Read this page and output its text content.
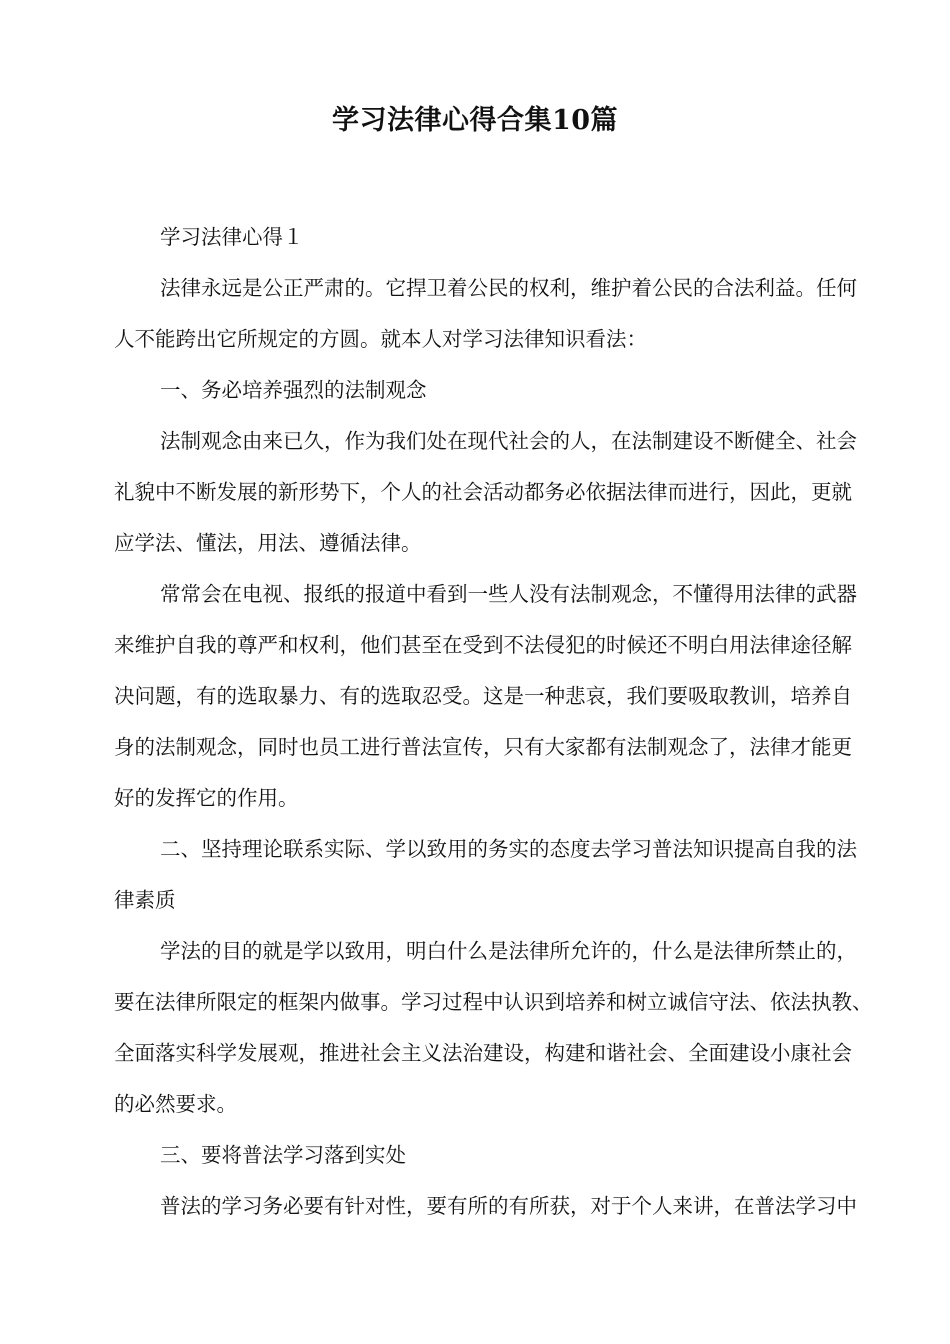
学习法律心得合集10篇
学习法律心得１
法律永远是公正严肃的。它捍卫着公民的权利，维护着公民的合法利益。任何
人不能跨出它所规定的方圆。就本人对学习法律知识看法：
一、务必培养强烈的法制观念
法制观念由来已久，作为我们处在现代社会的人，在法制建设不断健全、社会
礼貌中不断发展的新形势下，个人的社会活动都务必依据法律而进行，因此，更就
应学法、懂法，用法、遵循法律。
常常会在电视、报纸的报道中看到一些人没有法制观念，不懂得用法律的武器
来维护自我的尊严和权利，他们甚至在受到不法侵犯的时候还不明白用法律途径解
决问题，有的选取暴力、有的选取忍受。这是一种悲哀，我们要吸取教训，培养自
身的法制观念，同时也员工进行普法宣传，只有大家都有法制观念了，法律才能更
好的发挥它的作用。
二、坚持理论联系实际、学以致用的务实的态度去学习普法知识提高自我的法
律素质
学法的目的就是学以致用，明白什么是法律所允许的，什么是法律所禁止的，
要在法律所限定的框架内做事。学习过程中认识到培养和树立诚信守法、依法执教、
全面落实科学发展观，推进社会主义法治建设，构建和谐社会、全面建设小康社会
的必然要求。
三、要将普法学习落到实处
普法的学习务必要有针对性，要有所的有所获，对于个人来讲，在普法学习中
